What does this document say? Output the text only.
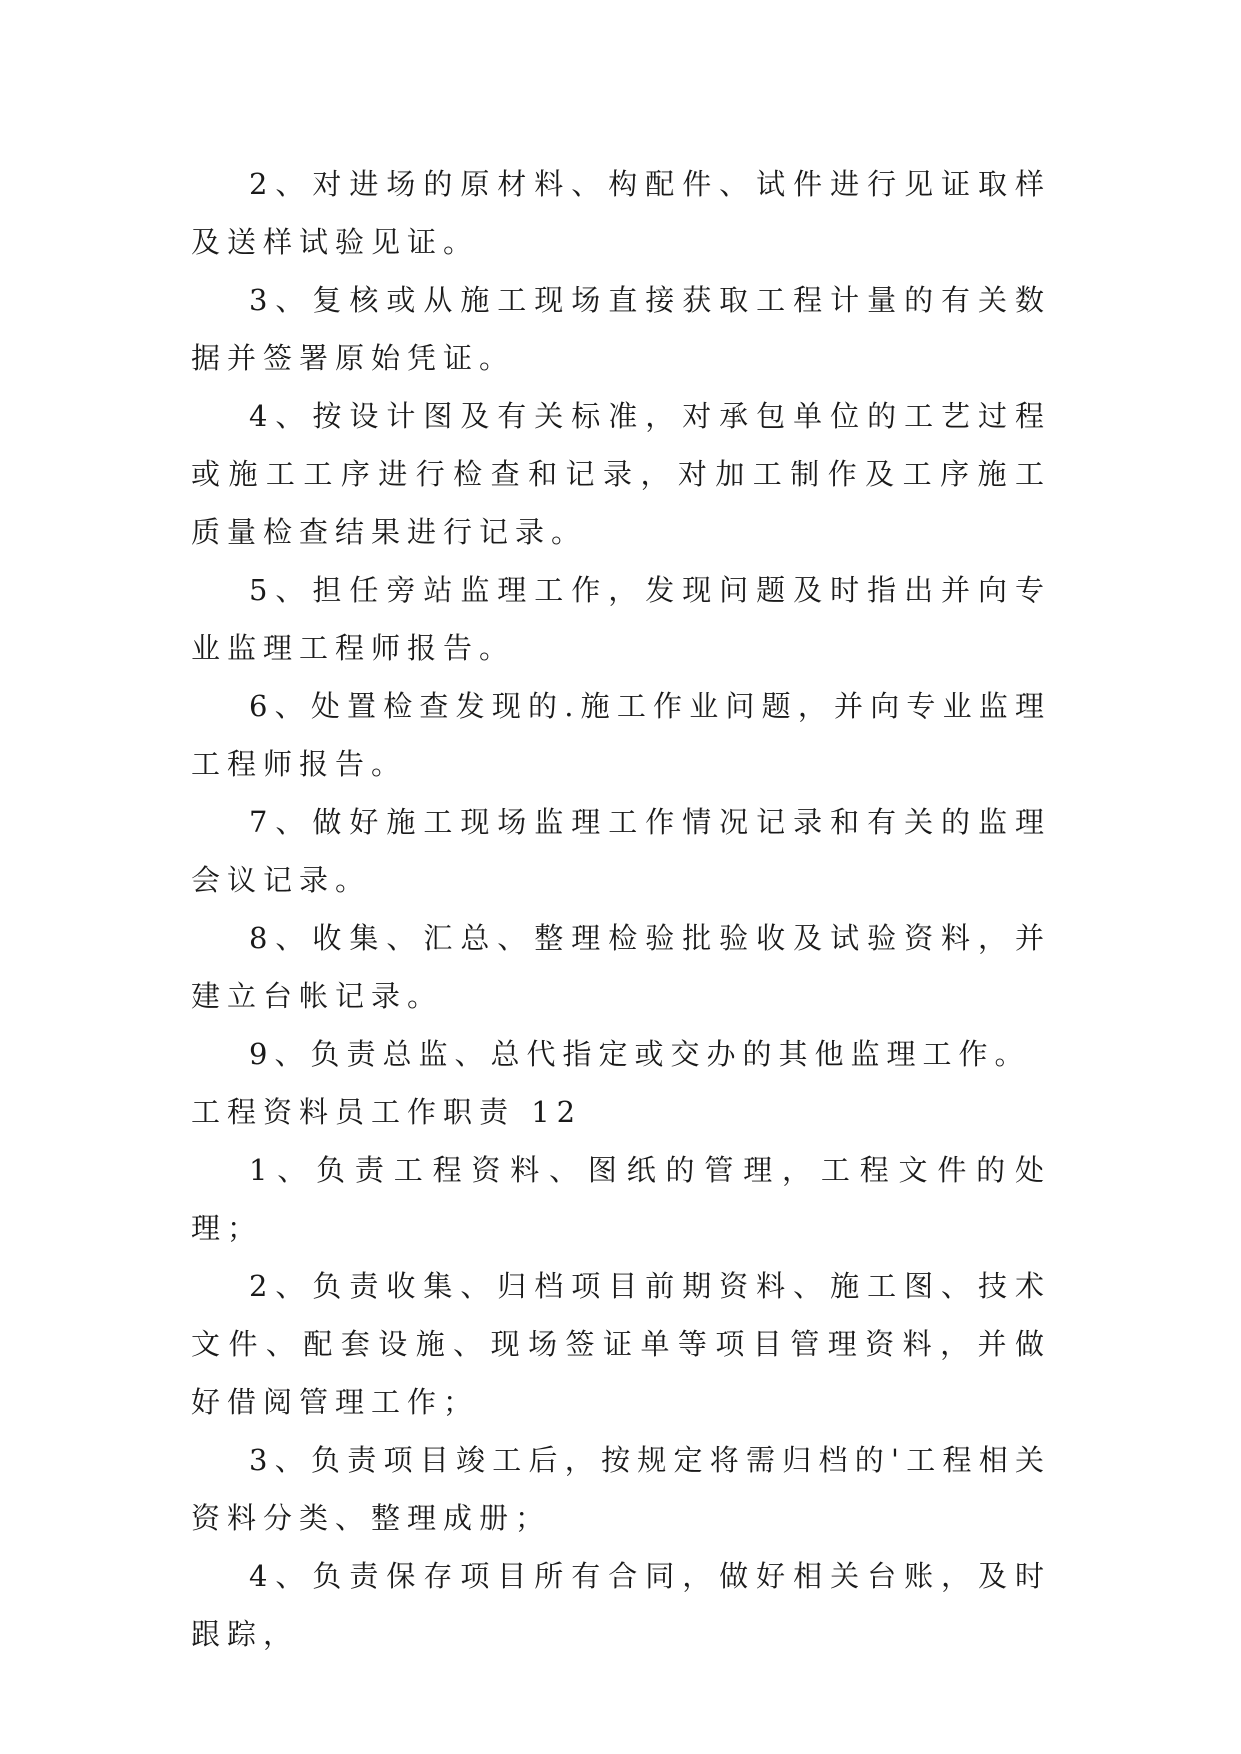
2、对进场的原材料、构配件、试件进行见证取样及送样试验见证。

3、复核或从施工现场直接获取工程计量的有关数据并签署原始凭证。

4、按设计图及有关标准，对承包单位的工艺过程或施工工序进行检查和记录，对加工制作及工序施工质量检查结果进行记录。

5、担任旁站监理工作，发现问题及时指出并向专业监理工程师报告。

6、处置检查发现的.施工作业问题，并向专业监理工程师报告。

7、做好施工现场监理工作情况记录和有关的监理会议记录。

8、收集、汇总、整理检验批验收及试验资料，并建立台帐记录。

9、负责总监、总代指定或交办的其他监理工作。

工程资料员工作职责 12

1、负责工程资料、图纸的管理，工程文件的处理；

2、负责收集、归档项目前期资料、施工图、技术文件、配套设施、现场签证单等项目管理资料，并做好借阅管理工作；

3、负责项目竣工后，按规定将需归档的'工程相关资料分类、整理成册；

4、负责保存项目所有合同，做好相关台账，及时跟踪，
